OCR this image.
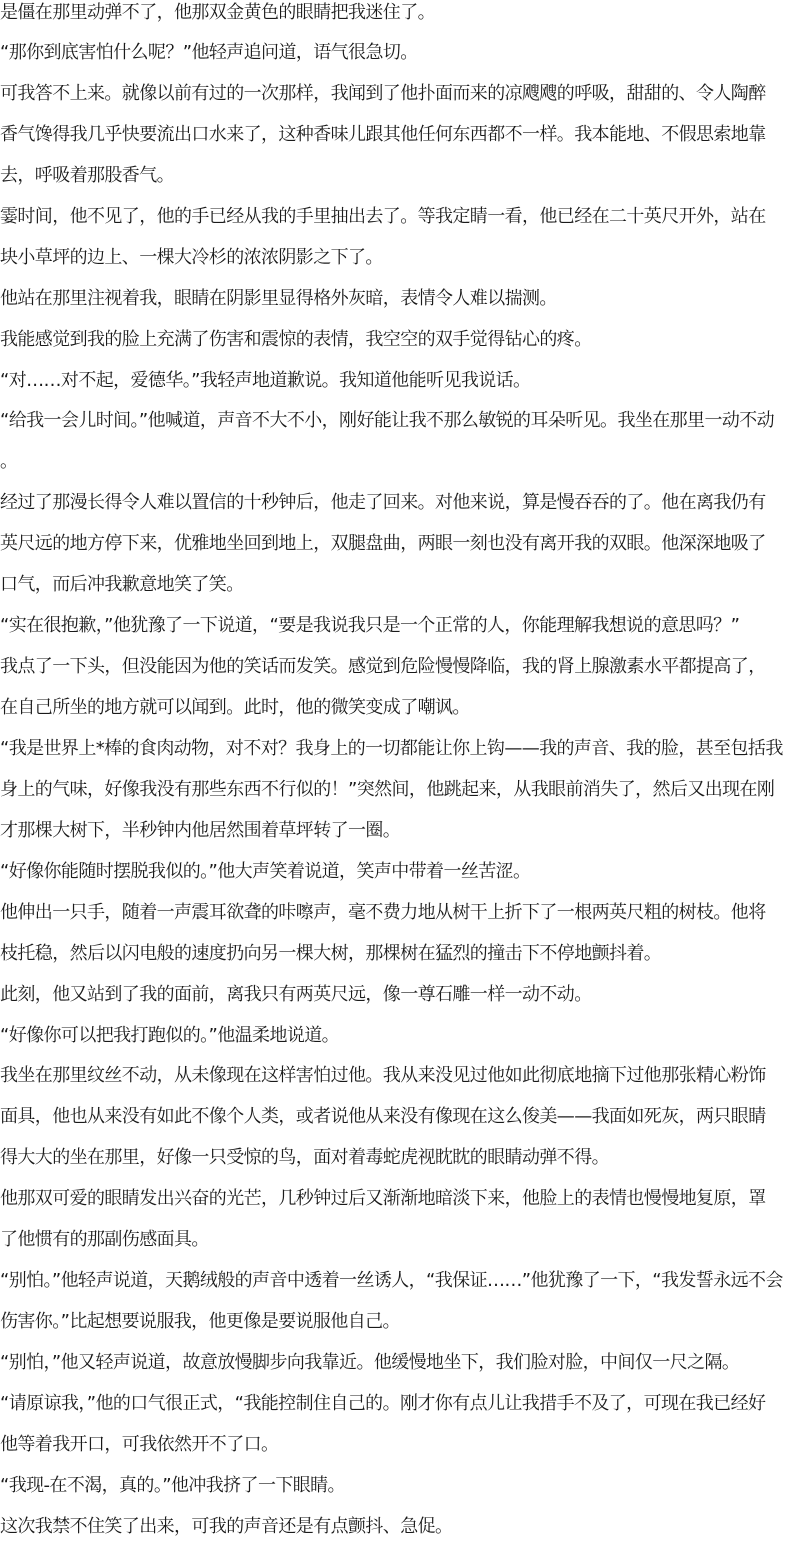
是僵在那里动弹不了，他那双金黄色的眼睛把我迷住了。

“那你到底害怕什么呢？”他轻声追问道，语气很急切。

可我答不上来。就像以前有过的一次那样，我闻到了他扑面而来的凉飕飕的呼吸，甜甜的、令人陶醉

香气馋得我几乎快要流出口水来了，这种香味儿跟其他任何东西都不一样。我本能地、不假思索地靠

去，呼吸着那股香气。

霎时间，他不见了，他的手已经从我的手里抽出去了。等我定睛一看，他已经在二十英尺开外，站在

块小草坪的边上、一棵大冷杉的浓浓阴影之下了。

他站在那里注视着我，眼睛在阴影里显得格外灰暗，表情令人难以揣测。

我能感觉到我的脸上充满了伤害和震惊的表情，我空空的双手觉得钻心的疼。

“对……对不起，爱德华。”我轻声地道歉说。我知道他能听见我说话。

“给我一会儿时间。”他喊道，声音不大不小，刚好能让我不那么敏锐的耳朵听见。我坐在那里一动不动

。

经过了那漫长得令人难以置信的十秒钟后，他走了回来。对他来说，算是慢吞吞的了。他在离我仍有

英尺远的地方停下来，优雅地坐回到地上，双腿盘曲，两眼一刻也没有离开我的双眼。他深深地吸了

口气，而后冲我歉意地笑了笑。

“实在很抱歉，”他犹豫了一下说道，“要是我说我只是一个正常的人，你能理解我想说的意思吗？”

我点了一下头，但没能因为他的笑话而发笑。感觉到危险慢慢降临，我的肾上腺激素水平都提高了，

在自己所坐的地方就可以闻到。此时，他的微笑变成了嘲讽。

“我是世界上*棒的食肉动物，对不对？我身上的一切都能让你上钩——我的声音、我的脸，甚至包括我

身上的气味，好像我没有那些东西不行似的！”突然间，他跳起来，从我眼前消失了，然后又出现在刚

才那棵大树下，半秒钟内他居然围着草坪转了一圈。

“好像你能随时摆脱我似的。”他大声笑着说道，笑声中带着一丝苦涩。

他伸出一只手，随着一声震耳欲聋的咔嚓声，毫不费力地从树干上折下了一根两英尺粗的树枝。他将

枝托稳，然后以闪电般的速度扔向另一棵大树，那棵树在猛烈的撞击下不停地颤抖着。

此刻，他又站到了我的面前，离我只有两英尺远，像一尊石雕一样一动不动。

“好像你可以把我打跑似的。”他温柔地说道。

我坐在那里纹丝不动，从未像现在这样害怕过他。我从来没见过他如此彻底地摘下过他那张精心粉饰

面具，他也从来没有如此不像个人类，或者说他从来没有像现在这么俊美——我面如死灰，两只眼睛

得大大的坐在那里，好像一只受惊的鸟，面对着毒蛇虎视眈眈的眼睛动弹不得。

他那双可爱的眼睛发出兴奋的光芒，几秒钟过后又渐渐地暗淡下来，他脸上的表情也慢慢地复原，罩

了他惯有的那副伤感面具。

“别怕。”他轻声说道，天鹅绒般的声音中透着一丝诱人，“我保证……”他犹豫了一下，“我发誓永远不会

伤害你。”比起想要说服我，他更像是要说服他自己。

“别怕，”他又轻声说道，故意放慢脚步向我靠近。他缓慢地坐下，我们脸对脸，中间仅一尺之隔。

“请原谅我，”他的口气很正式，“我能控制住自己的。刚才你有点儿让我措手不及了，可现在我已经好

他等着我开口，可我依然开不了口。

“我现-在不渴，真的。”他冲我挤了一下眼睛。

这次我禁不住笑了出来，可我的声音还是有点颤抖、急促。
